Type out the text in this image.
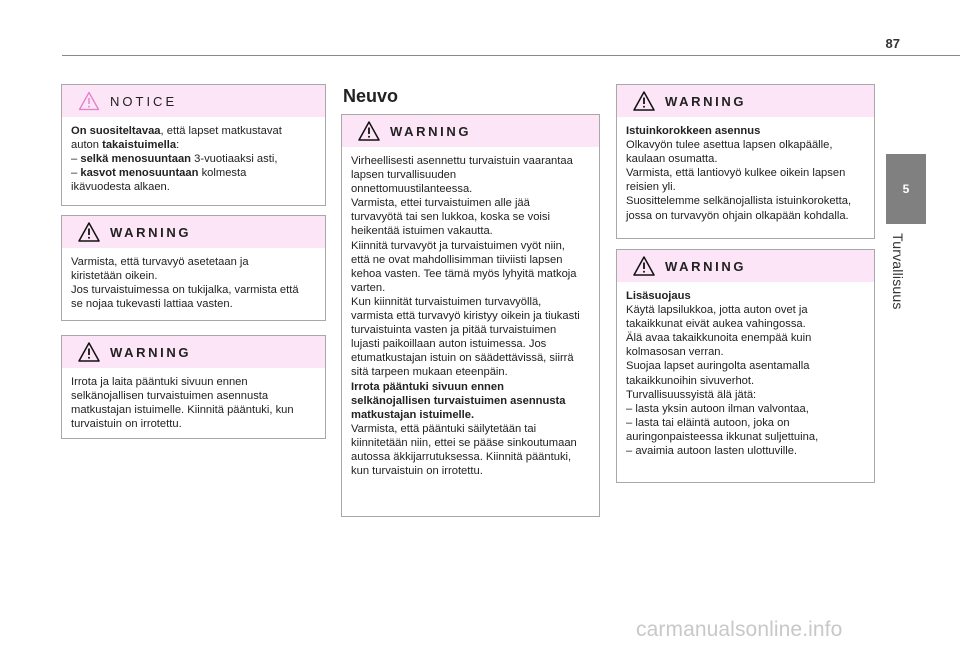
87
5
Turvallisuus
NOTICE

On suositeltavaa, että lapset matkustavat

auton takaistuimella:

– selkä menosuuntaan 3-vuotiaaksi asti,

– kasvot menosuuntaan kolmesta

ikävuodesta alkaen.

WARNING

Varmista, että turvavyö asetetaan ja

kiristetään oikein.

Jos turvaistuimessa on tukijalka, varmista että

se nojaa tukevasti lattiaa vasten.

WARNING

Irrota ja laita pääntuki sivuun ennen

selkänojallisen turvaistuimen asennusta

matkustajan istuimelle. Kiinnitä pääntuki, kun

turvaistuin on irrotettu.

Neuvo
WARNING

Virheellisesti asennettu turvaistuin vaarantaa

lapsen turvallisuuden

onnettomuustilanteessa.

Varmista, ettei turvaistuimen alle jää

turvavyötä tai sen lukkoa, koska se voisi

heikentää istuimen vakautta.

Kiinnitä turvavyöt ja turvaistuimen vyöt niin,

että ne ovat mahdollisimman tiiviisti lapsen

kehoa vasten. Tee tämä myös lyhyitä matkoja

varten.

Kun kiinnität turvaistuimen turvavyöllä,

varmista että turvavyö kiristyy oikein ja tiukasti

turvaistuinta vasten ja pitää turvaistuimen

lujasti paikoillaan auton istuimessa. Jos

etumatkustajan istuin on säädettävissä, siirrä

sitä tarpeen mukaan eteenpäin.

Irrota pääntuki sivuun ennen

selkänojallisen turvaistuimen asennusta

matkustajan istuimelle.

Varmista, että pääntuki säilytetään tai

kiinnitetään niin, ettei se pääse sinkoutumaan

autossa äkkijarrutuksessa. Kiinnitä pääntuki,

kun turvaistuin on irrotettu.

WARNING

Istuinkorokkeen asennus

Olkavyön tulee asettua lapsen olkapäälle,

kaulaan osumatta.

Varmista, että lantiovyö kulkee oikein lapsen

reisien yli.

Suosittelemme selkänojallista istuinkoroketta,

jossa on turvavyön ohjain olkapään kohdalla.

WARNING

Lisäsuojaus

Käytä lapsilukkoa, jotta auton ovet ja

takaikkunat eivät aukea vahingossa.

Älä avaa takaikkunoita enempää kuin

kolmasosan verran.

Suojaa lapset auringolta asentamalla

takaikkunoihin sivuverhot.

Turvallisuussyistä älä jätä:

– lasta yksin autoon ilman valvontaa,

– lasta tai eläintä autoon, joka on

auringonpaisteessa ikkunat suljettuina,

– avaimia autoon lasten ulottuville.

carmanualsonline.info
